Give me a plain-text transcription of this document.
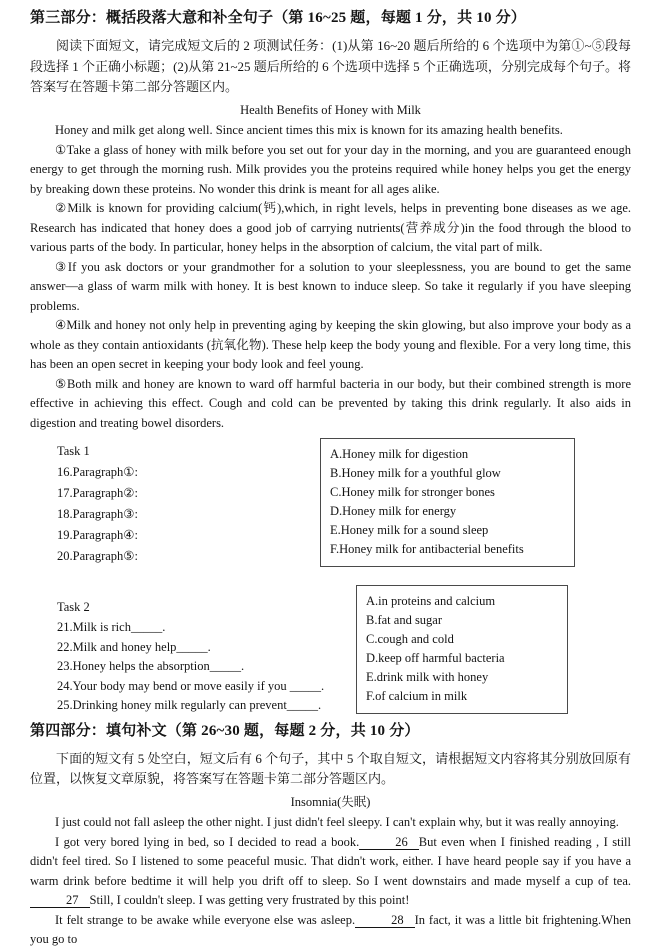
第三部分：概括段落大意和补全句子（第 16~25 题，每题 1 分，共 10 分）

阅读下面短文，请完成短文后的 2 项测试任务：(1)从第 16~20 题后所给的 6 个选项中为第①~⑤段每段选择 1 个正确小标题；(2)从第 21~25 题后所给的 6 个选项中选择 5 个正确选项，分别完成每个句子。将答案写在答题卡第二部分答题区内。

Health Benefits of Honey with Milk

Honey and milk get along well. Since ancient times this mix is known for its amazing health benefits.

①Take a glass of honey with milk before you set out for your day in the morning, and you are guaranteed enough energy to get through the morning rush. Milk provides you the proteins required while honey helps you get the energy by breaking down these proteins. No wonder this drink is meant for all ages alike.

②Milk is known for providing calcium(钙),which, in right levels, helps in preventing bone diseases as we age. Research has indicated that honey does a good job of carrying nutrients(营养成分)in the food through the blood to various parts of the body. In particular, honey helps in the absorption of calcium, the vital part of milk.

③If you ask doctors or your grandmother for a solution to your sleeplessness, you are bound to get the same answer—a glass of warm milk with honey. It is best known to induce sleep. So take it regularly if you have sleeping problems.

④Milk and honey not only help in preventing aging by keeping the skin glowing, but also improve your body as a whole as they contain antioxidants (抗氧化物). These help keep the body young and flexible. For a very long time, this has been an open secret in keeping your body look and feel young.

⑤Both milk and honey are known to ward off harmful bacteria in our body, but their combined strength is more effective in achieving this effect. Cough and cold can be prevented by taking this drink regularly. It also aids in digestion and treating bowel disorders.

Task 1
16.Paragraph①:
17.Paragraph②:
18.Paragraph③:
19.Paragraph④:
20.Paragraph⑤:
A.Honey milk for digestion
B.Honey milk for a youthful glow
C.Honey milk for stronger bones
D.Honey milk for energy
E.Honey milk for a sound sleep
F.Honey milk for antibacterial benefits
Task 2
21.Milk is rich_____.
22.Milk and honey help_____.
23.Honey helps the absorption_____.
24.Your body may bend or move easily if you _____.
25.Drinking honey milk regularly can prevent_____.
A.in proteins and calcium
B.fat and sugar
C.cough and cold
D.keep off harmful bacteria
E.drink milk with honey
F.of calcium in milk
第四部分：填句补文（第 26~30 题，每题 2 分，共 10 分）

下面的短文有 5 处空白，短文后有 6 个句子，其中 5 个取自短文，请根据短文内容将其分别放回原有位置，以恢复文章原貌，将答案写在答题卡第二部分答题区内。

Insomnia(失眠)

I just could not fall asleep the other night. I just didn't feel sleepy. I can't explain why, but it was really annoying.

I got very bored lying in bed, so I decided to read a book.	26 But even when I finished reading , I still didn't feel tired. So I listened to some peaceful music. That didn't work, either. I have heard people say if you have a warm drink before bedtime it will help you drift off to sleep. So I went downstairs and made myself a cup of tea.27 Still, I couldn't sleep. I was getting very frustrated by this point!

It felt strange to be awake while everyone else was asleep.	28 In fact, it was a little bit frightening.When you go to
